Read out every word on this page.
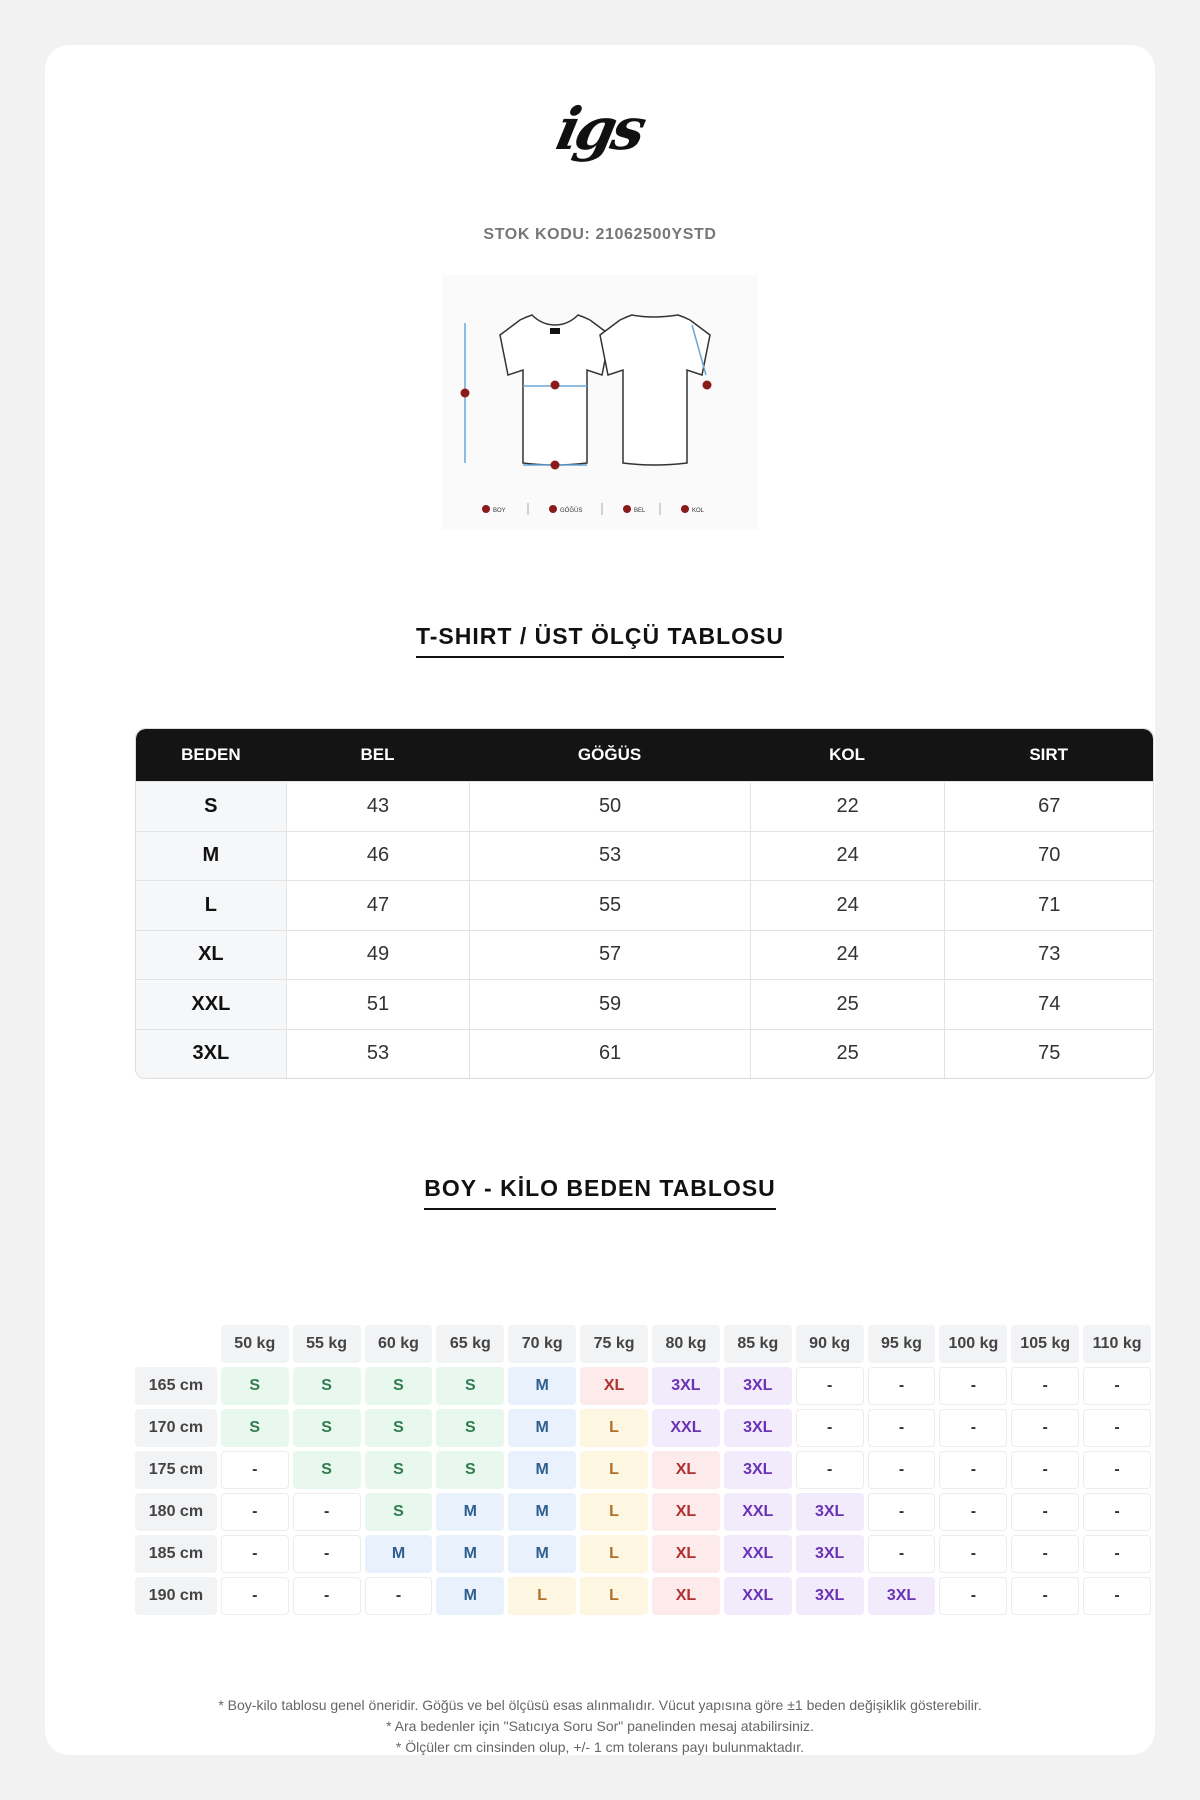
igs
STOK KODU: 21062500YSTD
BOY	GÖĞÜS	BEL	KOL
T-SHIRT / ÜST ÖLÇÜ TABLOSU
BEDEN	BEL	GÖĞÜS	KOL	SIRT
S	43	50	22	67
M	46	53	24	70
L	47	55	24	71
XL	49	57	24	73
XXL	51	59	25	74
3XL	53	61	25	75
BOY - KİLO BEDEN TABLOSU
50 kg	55 kg	60 kg	65 kg	70 kg	75 kg	80 kg	85 kg	90 kg	95 kg	100 kg	105 kg	110 kg
165 cm	S	S	S	S	M	XL	3XL	3XL	-	-	-	-	-
170 cm	S	S	S	S	M	L	XXL	3XL	-	-	-	-	-
175 cm	-	S	S	S	M	L	XL	3XL	-	-	-	-	-
180 cm	-	-	S	M	M	L	XL	XXL	3XL	-	-	-	-
185 cm	-	-	M	M	M	L	XL	XXL	3XL	-	-	-	-
190 cm	-	-	-	M	L	L	XL	XXL	3XL	3XL	-	-	-
* Boy-kilo tablosu genel öneridir. Göğüs ve bel ölçüsü esas alınmalıdır. Vücut yapısına göre ±1 beden değişiklik gösterebilir.
* Ara bedenler için "Satıcıya Soru Sor" panelinden mesaj atabilirsiniz.
* Ölçüler cm cinsinden olup, +/- 1 cm tolerans payı bulunmaktadır.
